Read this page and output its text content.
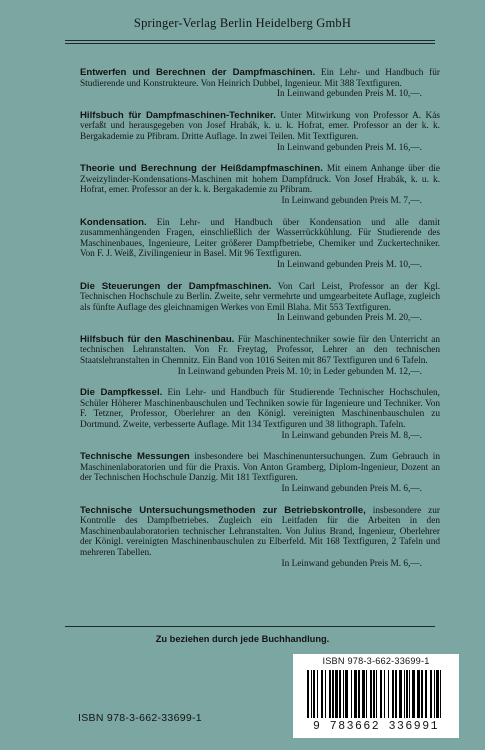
Springer-Verlag Berlin Heidelberg GmbH
Entwerfen und Berechnen der Dampfmaschinen. Ein Lehr- und Handbuch für Studierende und Konstrukteure. Von Heinrich Dubbel, Ingenieur. Mit 388 Textfiguren.
In Leinwand gebunden Preis M. 10,—.
Hilfsbuch für Dampfmaschinen-Techniker. Unter Mitwirkung von Professor A. Kás verfaßt und herausgegeben von Josef Hrabák, k. u. k. Hofrat, emer. Professor an der k. k. Bergakademie zu Přibram. Dritte Auflage. In zwei Teilen. Mit Textfiguren.
In Leinwand gebunden Preis M. 16,—.
Theorie und Berechnung der Heißdampfmaschinen. Mit einem Anhange über die Zweizylinder-Kondensations-Maschinen mit hohem Dampfdruck. Von Josef Hrabák, k. u. k. Hofrat, emer. Professor an der k. k. Bergakademie zu Přibram.
In Leinwand gebunden Preis M. 7,—.
Kondensation. Ein Lehr- und Handbuch über Kondensation und alle damit zusammenhängenden Fragen, einschließlich der Wasserrückkühlung. Für Studierende des Maschinenbaues, Ingenieure, Leiter größerer Dampfbetriebe, Chemiker und Zuckertechniker. Von F. J. Weiß, Zivilingenieur in Basel. Mit 96 Textfiguren.
In Leinwand gebunden Preis M. 10,—.
Die Steuerungen der Dampfmaschinen. Von Carl Leist, Professor an der Kgl. Technischen Hochschule zu Berlin. Zweite, sehr vermehrte und umgearbeitete Auflage, zugleich als fünfte Auflage des gleichnamigen Werkes von Emil Blaha. Mit 553 Textfiguren.
In Leinwand gebunden Preis M. 20,—.
Hilfsbuch für den Maschinenbau. Für Maschinentechniker sowie für den Unterricht an technischen Lehranstalten. Von Fr. Freytag, Professor, Lehrer an den technischen Staatslehranstalten in Chemnitz. Ein Band von 1016 Seiten mit 867 Textfiguren und 6 Tafeln.
In Leinwand gebunden Preis M. 10; in Leder gebunden M. 12,—.
Die Dampfkessel. Ein Lehr- und Handbuch für Studierende Technischer Hochschulen, Schüler Höherer Maschinenbauschulen und Techniken sowie für Ingenieure und Techniker. Von F. Tetzner, Professor, Oberlehrer an den Königl. vereinigten Maschinenbauschulen zu Dortmund. Zweite, verbesserte Auflage. Mit 134 Textfiguren und 38 lithograph. Tafeln.
In Leinwand gebunden Preis M. 8,—.
Technische Messungen insbesondere bei Maschinenuntersuchungen. Zum Gebrauch in Maschinenlaboratorien und für die Praxis. Von Anton Gramberg, Diplom-Ingenieur, Dozent an der Technischen Hochschule Danzig. Mit 181 Textfiguren.
In Leinwand gebunden Preis M. 6,—.
Technische Untersuchungsmethoden zur Betriebskontrolle, insbesondere zur Kontrolle des Dampfbetriebes. Zugleich ein Leitfaden für die Arbeiten in den Maschinenbaulaboratorien technischer Lehranstalten. Von Julius Brand, Ingenieur, Oberlehrer der Königl. vereinigten Maschinenbauschulen zu Elberfeld. Mit 168 Textfiguren, 2 Tafeln und mehreren Tabellen.
In Leinwand gebunden Preis M. 6,—.
Zu beziehen durch jede Buchhandlung.
ISBN 978-3-662-33699-1
ISBN 978-3-662-33699-1
9 783662 336991
